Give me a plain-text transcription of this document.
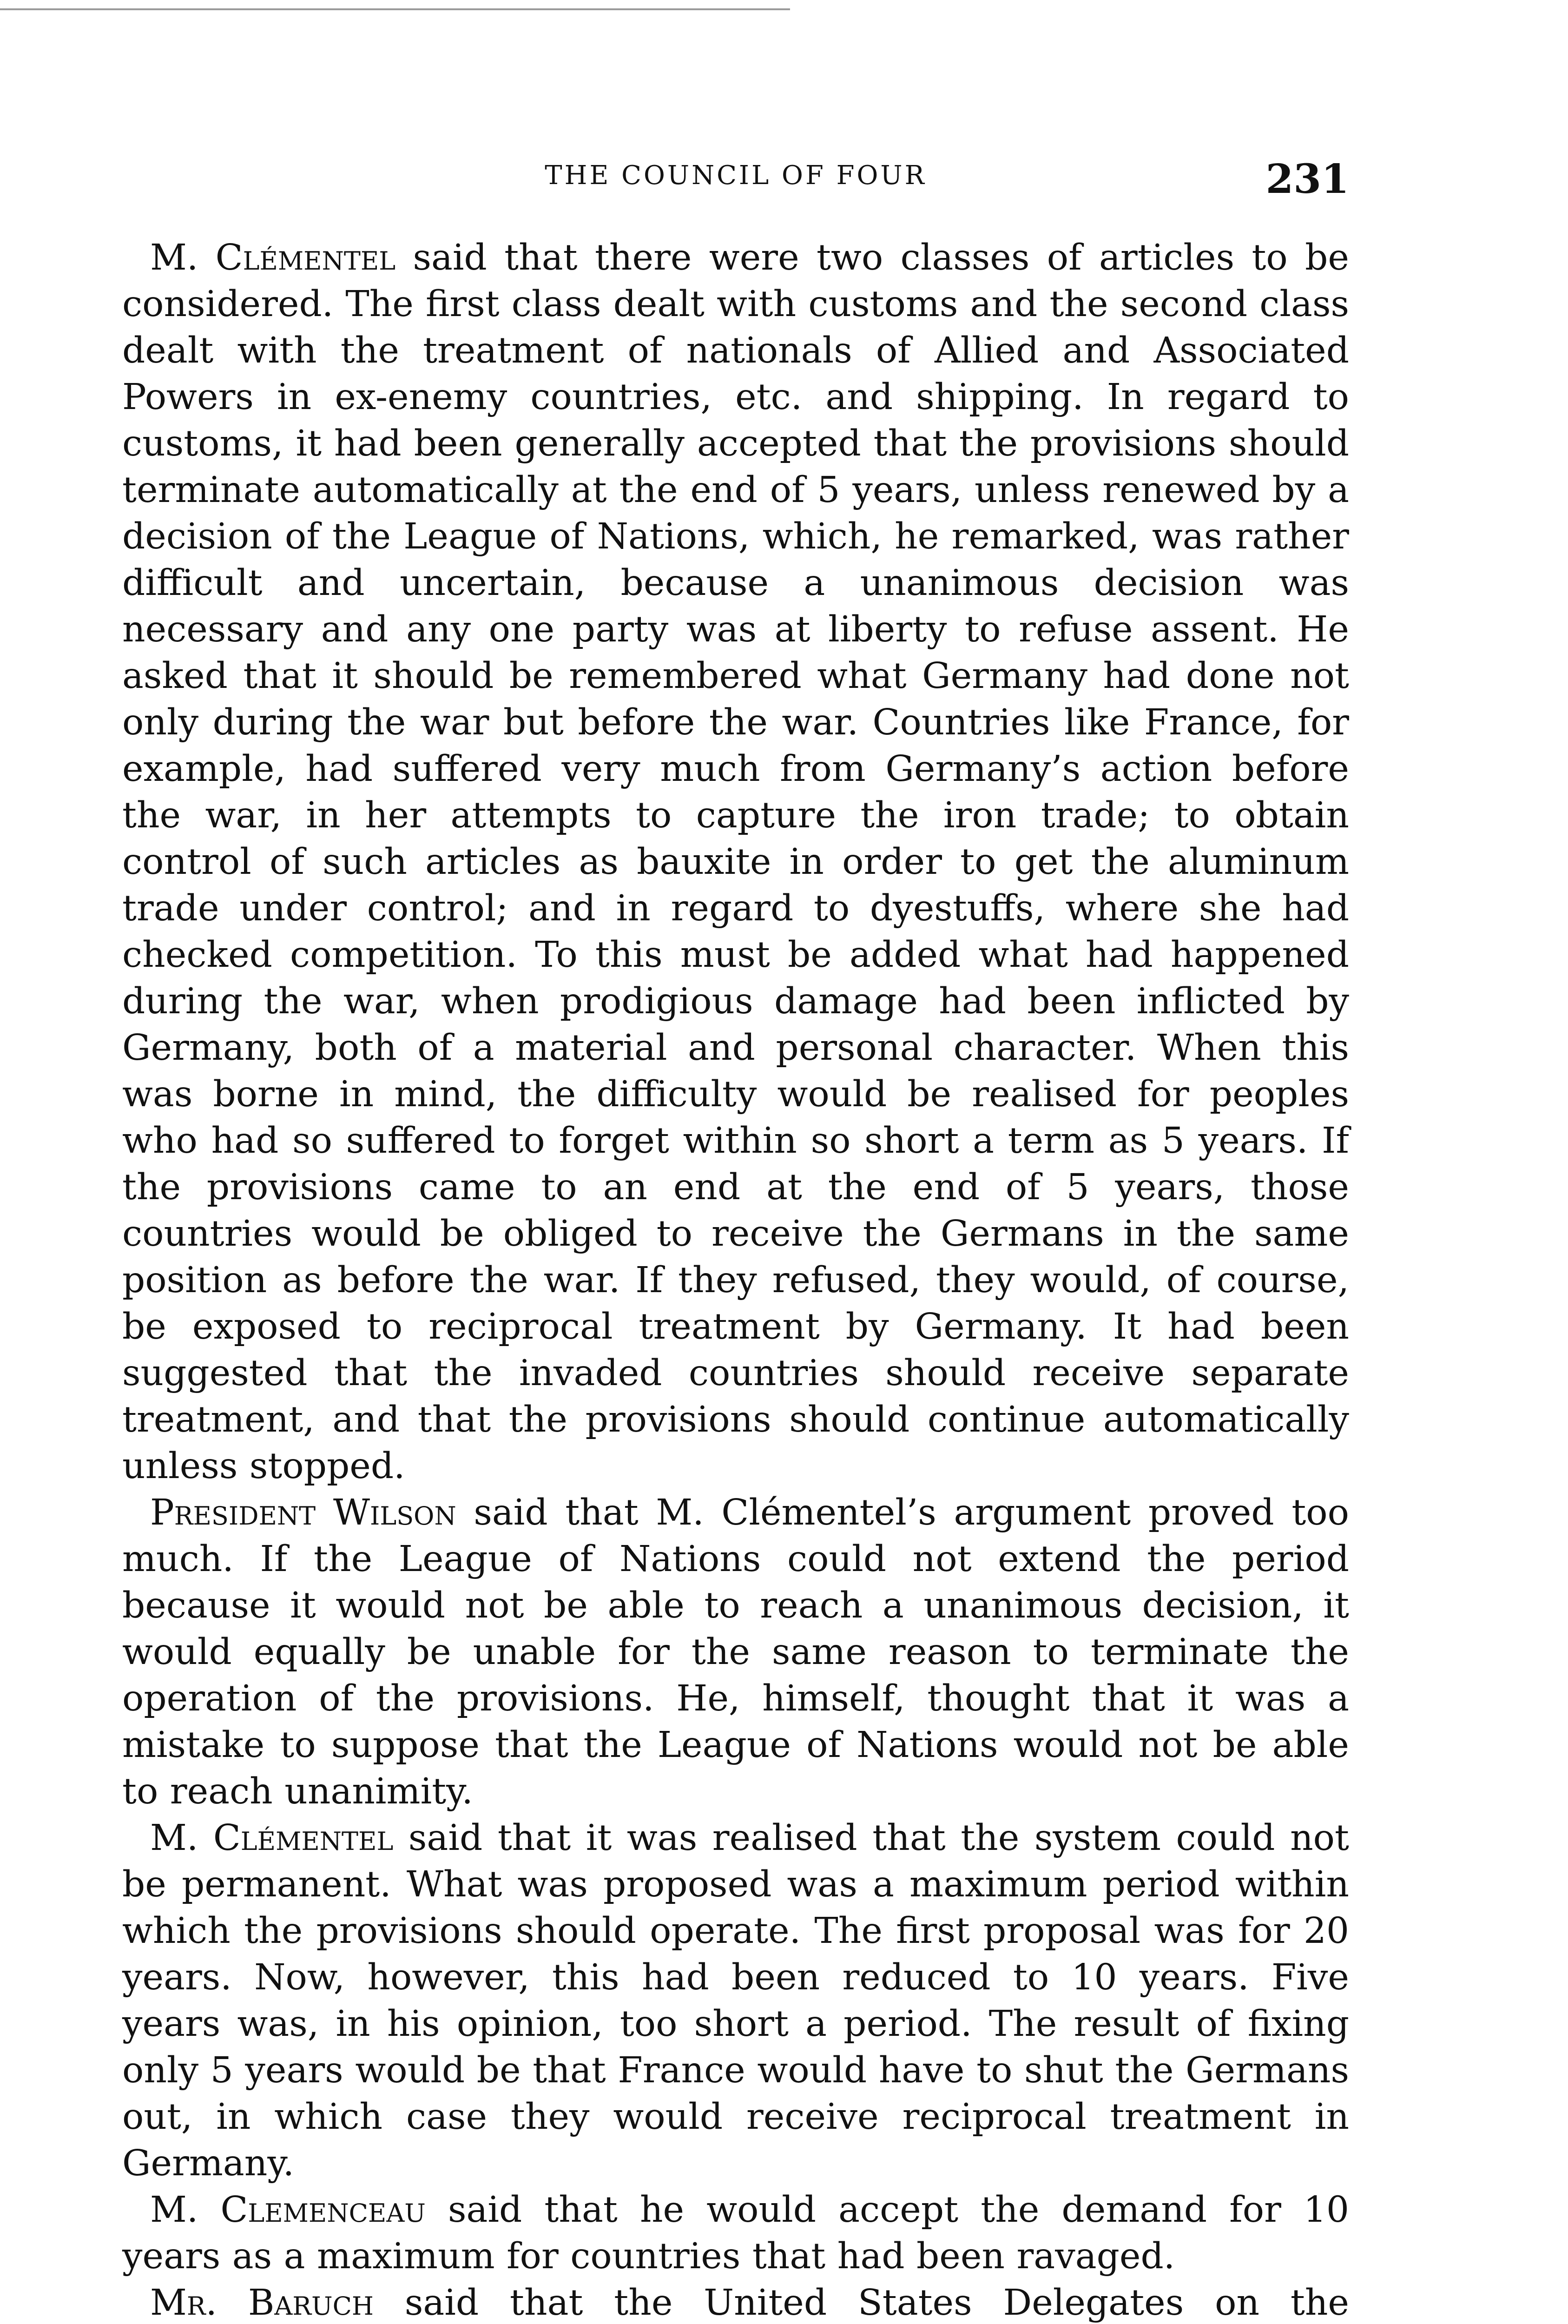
THE COUNCIL OF FOUR	231

M. Clémentel said that there were two classes of articles to be considered. The first class dealt with customs and the second class dealt with the treatment of nationals of Allied and Associated Powers in ex-enemy countries, etc. and shipping. In regard to customs, it had been generally accepted that the provisions should terminate automatically at the end of 5 years, unless renewed by a decision of the League of Nations, which, he remarked, was rather difficult and uncertain, because a unanimous decision was necessary and any one party was at liberty to refuse assent. He asked that it should be remembered what Germany had done not only during the war but before the war. Countries like France, for example, had suffered very much from Germany’s action before the war, in her attempts to capture the iron trade; to obtain control of such articles as bauxite in order to get the aluminum trade under control; and in regard to dyestuffs, where she had checked competition. To this must be added what had happened during the war, when prodigious damage had been inflicted by Germany, both of a material and personal character. When this was borne in mind, the difficulty would be realised for peoples who had so suffered to forget within so short a term as 5 years. If the provisions came to an end at the end of 5 years, those countries would be obliged to receive the Germans in the same position as before the war. If they refused, they would, of course, be exposed to reciprocal treatment by Germany. It had been suggested that the invaded countries should receive separate treatment, and that the provisions should continue automatically unless stopped.

President Wilson said that M. Clémentel’s argument proved too much. If the League of Nations could not extend the period because it would not be able to reach a unanimous decision, it would equally be unable for the same reason to terminate the operation of the provisions. He, himself, thought that it was a mistake to suppose that the League of Nations would not be able to reach unanimity.

M. Clémentel said that it was realised that the system could not be permanent. What was proposed was a maximum period within which the provisions should operate. The first proposal was for 20 years. Now, however, this had been reduced to 10 years. Five years was, in his opinion, too short a period. The result of fixing only 5 years would be that France would have to shut the Germans out, in which case they would receive reciprocal treatment in Germany.

M. Clemenceau said that he would accept the demand for 10 years as a maximum for countries that had been ravaged.

Mr. Baruch said that the United States Delegates on the
